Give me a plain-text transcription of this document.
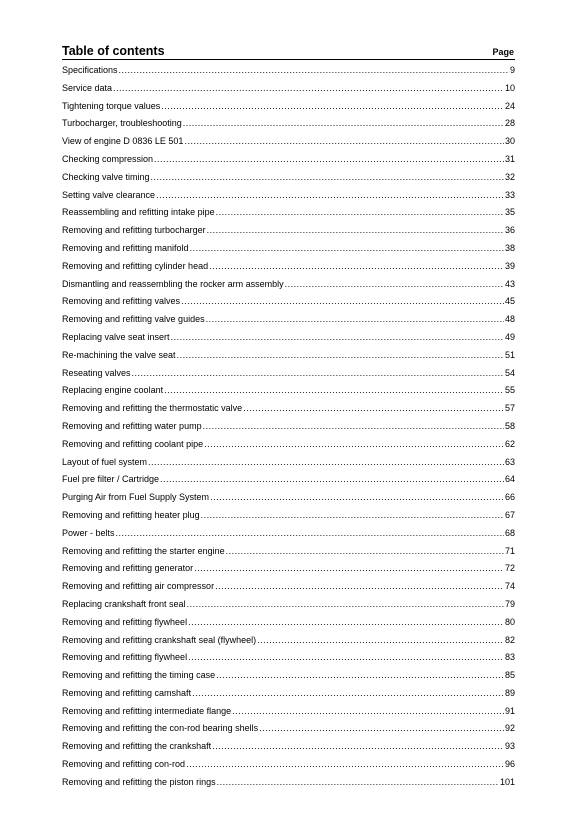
Table of contents	Page
Specifications .....	9
Service data .....	10
Tightening torque values .....	24
Turbocharger, troubleshooting .....	28
View of engine D 0836 LE 501 .....	30
Checking compression .....	31
Checking valve timing .....	32
Setting valve clearance .....	33
Reassembling and refitting intake pipe .....	35
Removing and refitting turbocharger .....	36
Removing and refitting manifold .....	38
Removing and refitting cylinder head .....	39
Dismantling and reassembling the rocker arm assembly .....	43
Removing and refitting valves .....	45
Removing and refitting valve guides .....	48
Replacing valve seat insert .....	49
Re-machining the valve seat .....	51
Reseating valves .....	54
Replacing engine coolant .....	55
Removing and refitting the thermostatic valve .....	57
Removing and refitting water pump .....	58
Removing and refitting coolant pipe .....	62
Layout of fuel system .....	63
Fuel pre filter / Cartridge .....	64
Purging Air from Fuel Supply System .....	66
Removing and refitting heater plug .....	67
Power - belts .....	68
Removing and refitting the starter engine .....	71
Removing and refitting generator .....	72
Removing and refitting air compressor .....	74
Replacing crankshaft front seal .....	79
Removing and refitting flywheel .....	80
Removing and refitting crankshaft seal (flywheel) .....	82
Removing and refitting flywheel .....	83
Removing and refitting the timing case .....	85
Removing and refitting camshaft .....	89
Removing and refitting intermediate flange .....	91
Removing and refitting the con-rod bearing shells .....	92
Removing and refitting the crankshaft .....	93
Removing and refitting con-rod .....	96
Removing and refitting the piston rings .....	101
